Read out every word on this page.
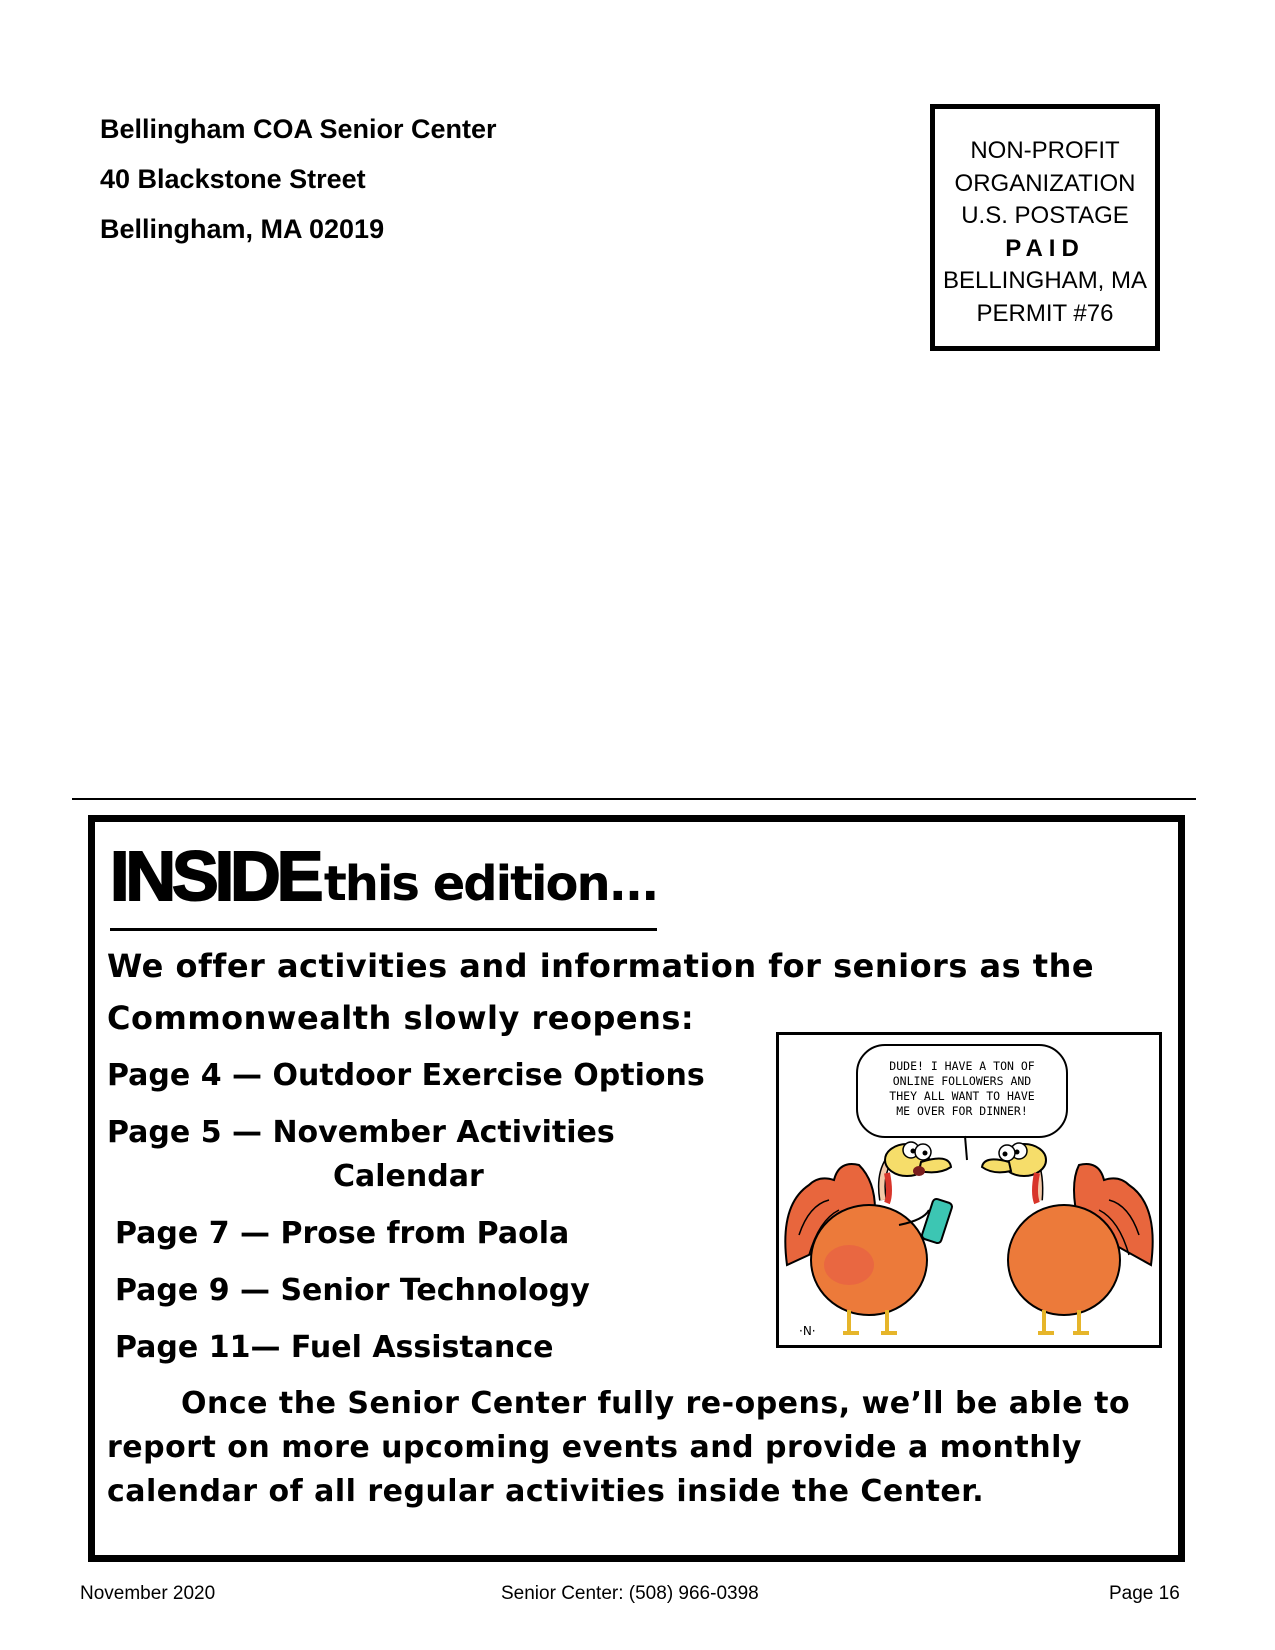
Bellingham COA Senior Center
40 Blackstone Street
Bellingham, MA 02019
NON-PROFIT
ORGANIZATION
U.S. POSTAGE
PAID
BELLINGHAM, MA
PERMIT #76
INSIDE this edition...
We offer activities and information for seniors as the Commonwealth slowly reopens:
Page 4 — Outdoor Exercise Options
Page 5 — November Activities
Calendar
Page 7 — Prose from Paola
Page 9 — Senior Technology
Page 11— Fuel Assistance
DUDE! I HAVE A TON OF
ONLINE FOLLOWERS AND
THEY ALL WANT TO HAVE
ME OVER FOR DINNER!
·N·
Once the Senior Center fully re-opens, we’ll be able to report on more upcoming events and provide a monthly calendar of all regular activities inside the Center.
November 2020	Senior Center: (508) 966-0398	Page 16
